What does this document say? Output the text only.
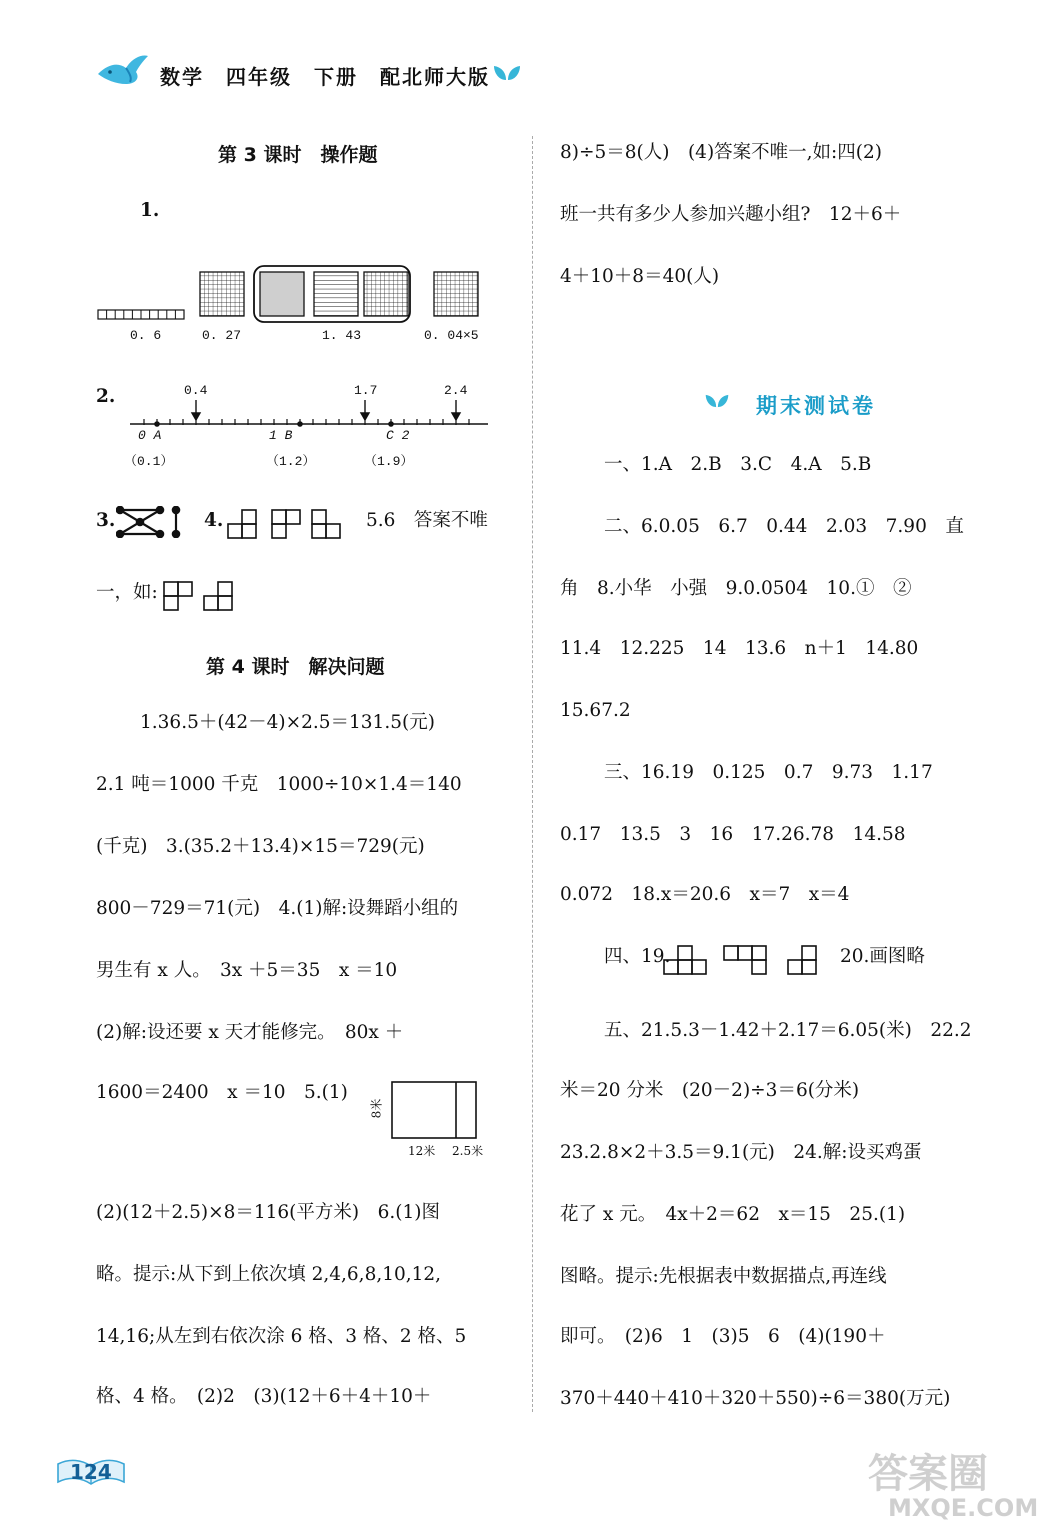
数学　四年级　下册　配北师大版
第 3 课时　操作题
1.
0. 6	0. 27	1. 43	0. 04×5
2.	0.4	1.7	2.4
0 A	1 B	C 2
（0.1）	（1.2）	（1.9）
3.	4.	5.6　答案不唯
一，如:
第 4 课时　解决问题
1.36.5＋(42－4)×2.5＝131.5(元)
2.1 吨＝1000 千克　1000÷10×1.4＝140
(千克)　3.(35.2＋13.4)×15＝729(元)
800－729＝71(元)　4.(1)解:设舞蹈小组的
男生有 x 人。　3x ＋5＝35　x ＝10
(2)解:设还要 x 天才能修完。　80x ＋
1600＝2400　x ＝10　5.(1)
8米
12米 2.5米
(2)(12＋2.5)×8＝116(平方米)　6.(1)图
略。提示:从下到上依次填 2,4,6,8,10,12,
14,16;从左到右依次涂 6 格、3 格、2 格、5
格、4 格。　(2)2　(3)(12＋6＋4＋10＋
8)÷5＝8(人)　(4)答案不唯一,如:四(2)
班一共有多少人参加兴趣小组?　12＋6＋
4＋10＋8＝40(人)
期末测试卷
一、1.A　2.B　3.C　4.A　5.B
二、6.0.05　6.7　0.44　2.03　7.90　直
角　8.小华　小强　9.0.0504　10.①　②
11.4　12.225　14　13.6　n＋1　14.80
15.67.2
三、16.19　0.125　0.7　9.73　1.17
0.17　13.5　3　16　17.26.78　14.58
0.072　18.x＝20.6　x＝7　x＝4
四、19.	20.画图略
五、21.5.3－1.42＋2.17＝6.05(米)　22.2
米＝20 分米　(20－2)÷3＝6(分米)
23.2.8×2＋3.5＝9.1(元)　24.解:设买鸡蛋
花了 x 元。　4x＋2＝62　x＝15　25.(1)
图略。提示:先根据表中数据描点,再连线
即可。　(2)6　1　(3)5　6　(4)(190＋
370＋440＋410＋320＋550)÷6＝380(万元)
124	答案圈
MXQE.COM
